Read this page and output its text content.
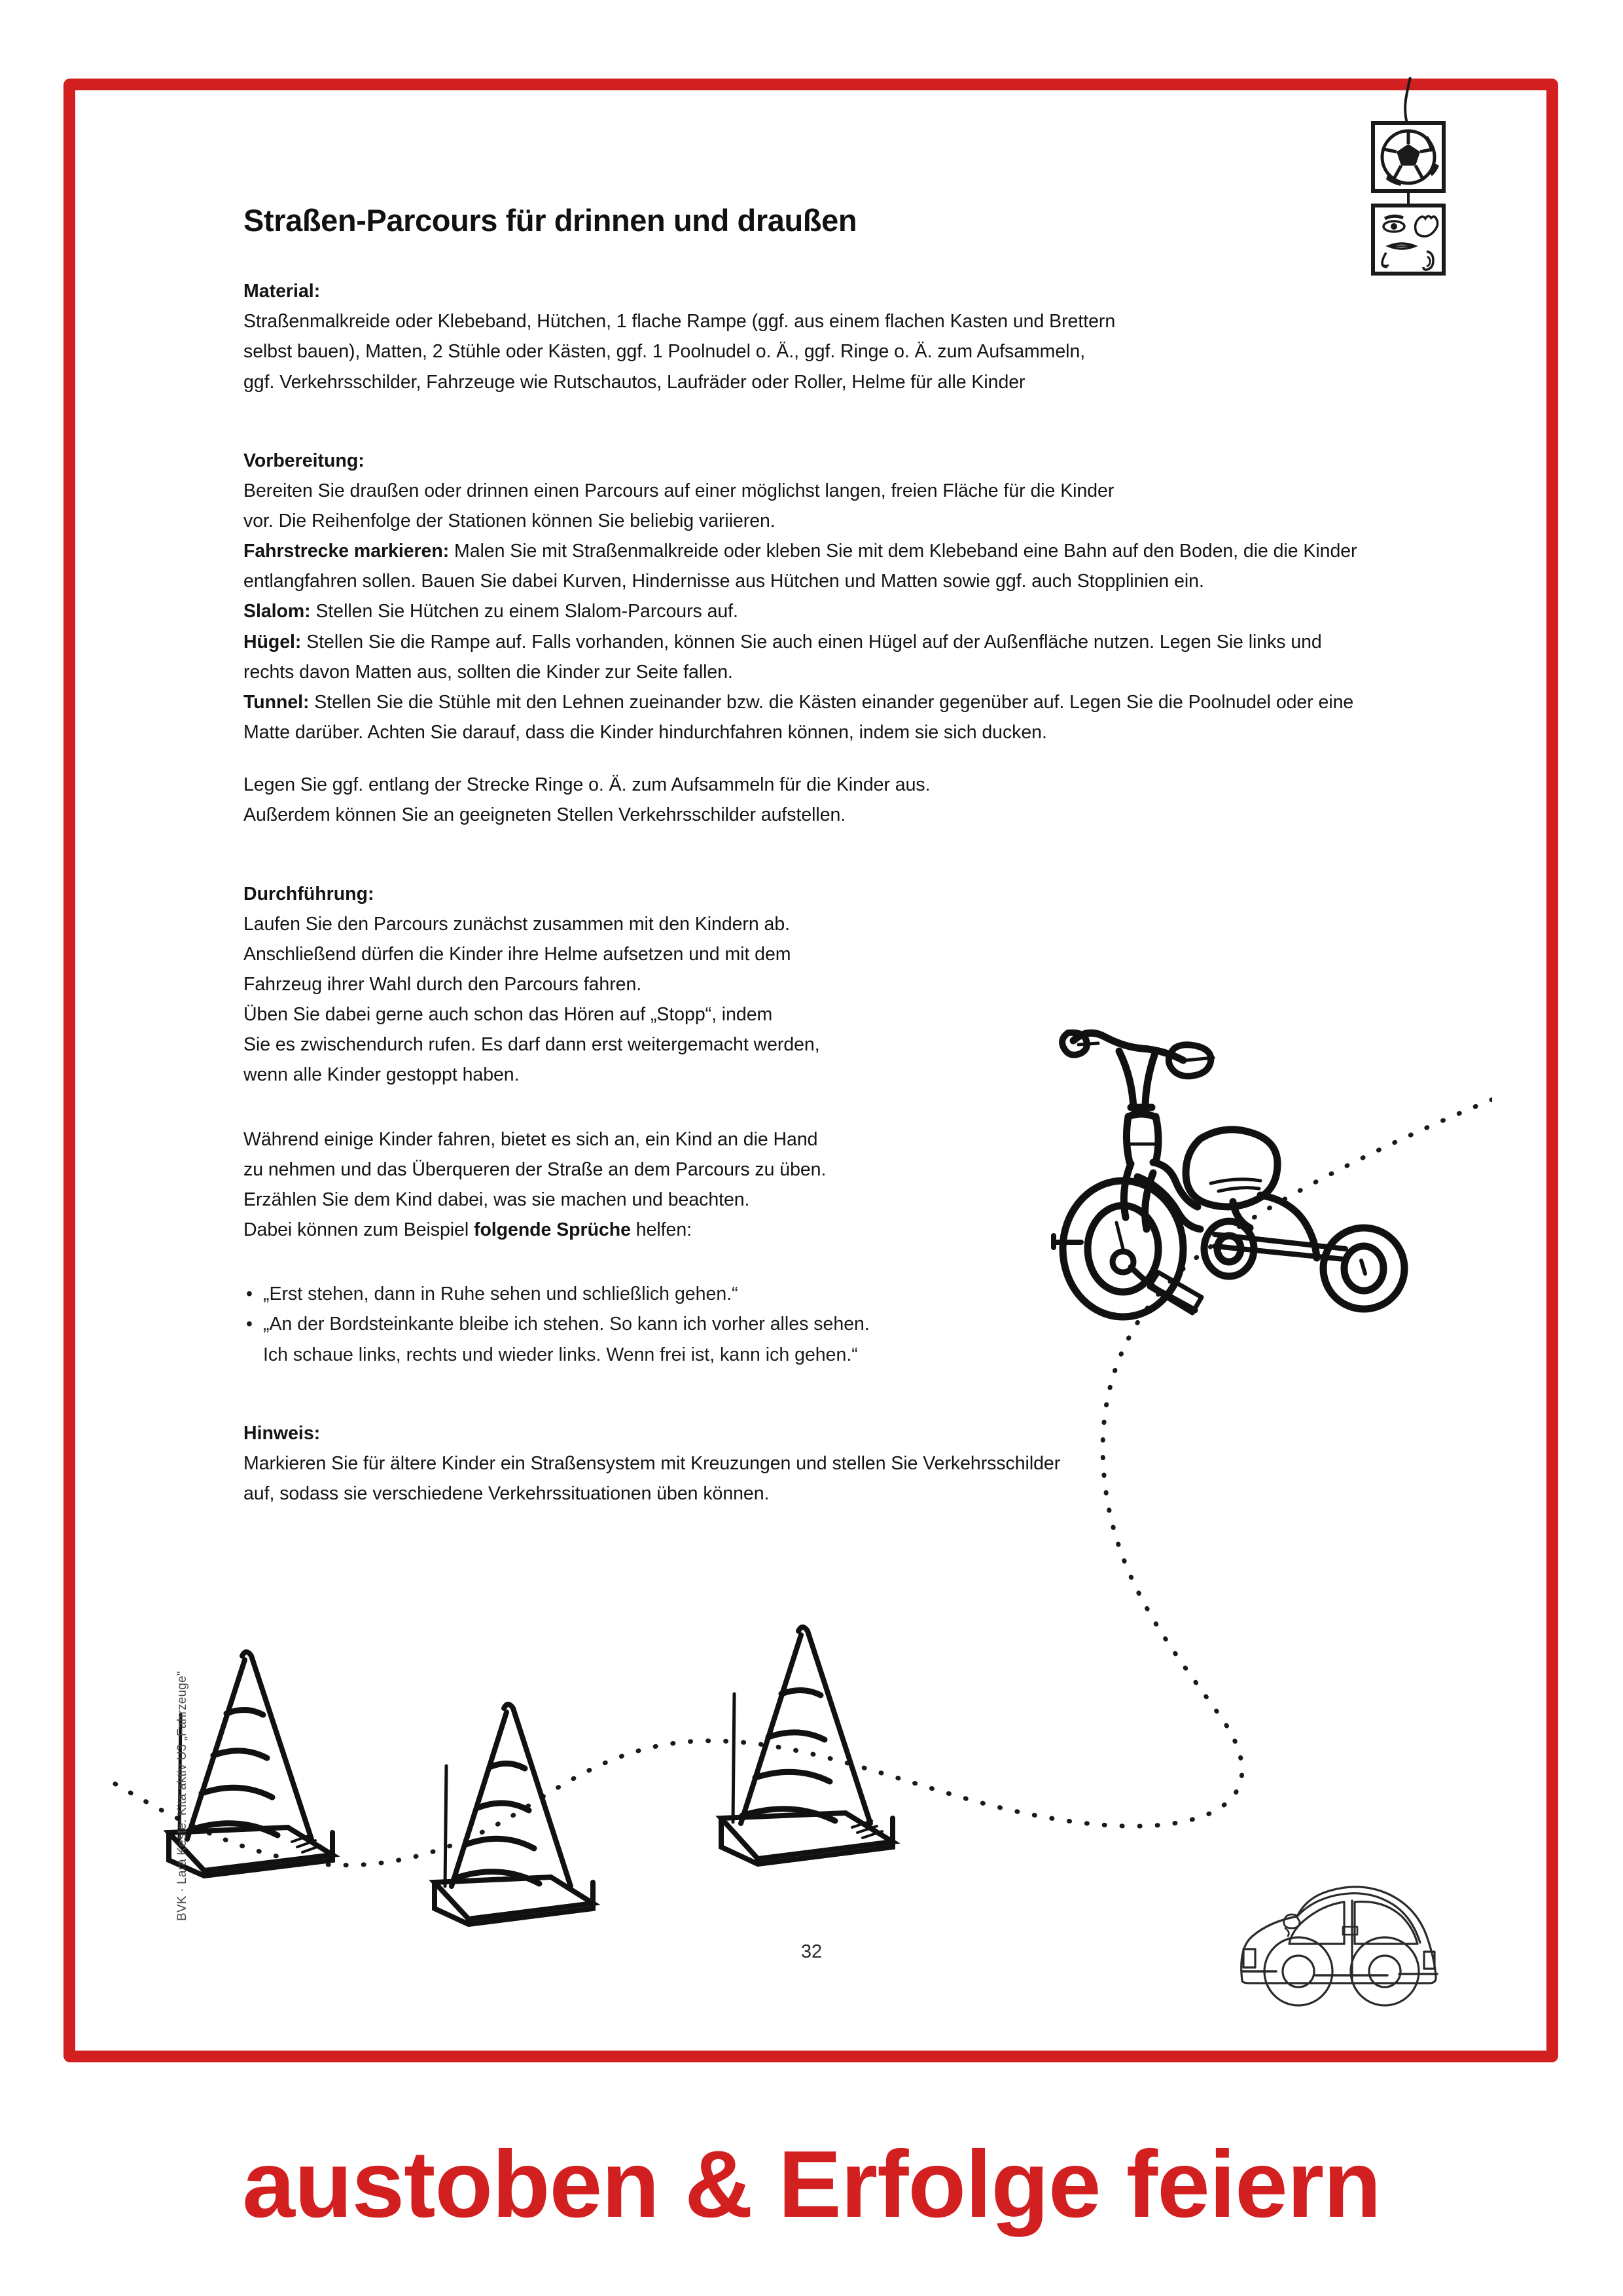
BVK · Lara Keste: Kita aktiv U3 „Fahrzeuge"
Straßen-Parcours für drinnen und draußen

Material:

Straßenmalkreide oder Klebeband, Hütchen, 1 flache Rampe (ggf. aus einem flachen Kasten und Brettern

selbst bauen), Matten, 2 Stühle oder Kästen, ggf. 1 Poolnudel o. Ä., ggf. Ringe o. Ä. zum Aufsammeln,

ggf. Verkehrsschilder, Fahrzeuge wie Rutschautos, Laufräder oder Roller, Helme für alle Kinder

Vorbereitung:

Bereiten Sie draußen oder drinnen einen Parcours auf einer möglichst langen, freien Fläche für die Kinder

vor. Die Reihenfolge der Stationen können Sie beliebig variieren.

Fahrstrecke markieren: Malen Sie mit Straßenmalkreide oder kleben Sie mit dem Klebeband eine Bahn auf den Boden, die die Kinder entlangfahren sollen. Bauen Sie dabei Kurven, Hindernisse aus Hütchen und Matten sowie ggf. auch Stopplinien ein.

Slalom: Stellen Sie Hütchen zu einem Slalom-Parcours auf.

Hügel: Stellen Sie die Rampe auf. Falls vorhanden, können Sie auch einen Hügel auf der Außenfläche nutzen. Legen Sie links und rechts davon Matten aus, sollten die Kinder zur Seite fallen.

Tunnel: Stellen Sie die Stühle mit den Lehnen zueinander bzw. die Kästen einander gegenüber auf. Legen Sie die Poolnudel oder eine Matte darüber. Achten Sie darauf, dass die Kinder hindurchfahren können, indem sie sich ducken.

Legen Sie ggf. entlang der Strecke Ringe o. Ä. zum Aufsammeln für die Kinder aus.

Außerdem können Sie an geeigneten Stellen Verkehrsschilder aufstellen.

Durchführung:

Laufen Sie den Parcours zunächst zusammen mit den Kindern ab.

Anschließend dürfen die Kinder ihre Helme aufsetzen und mit dem

Fahrzeug ihrer Wahl durch den Parcours fahren.

Üben Sie dabei gerne auch schon das Hören auf „Stopp“, indem

Sie es zwischendurch rufen. Es darf dann erst weitergemacht werden,

wenn alle Kinder gestoppt haben.

Während einige Kinder fahren, bietet es sich an, ein Kind an die Hand

zu nehmen und das Überqueren der Straße an dem Parcours zu üben.

Erzählen Sie dem Kind dabei, was sie machen und beachten.

Dabei können zum Beispiel folgende Sprüche helfen:

• „Erst stehen, dann in Ruhe sehen und schließlich gehen.“
• „An der Bordsteinkante bleibe ich stehen. So kann ich vorher alles sehen.
Ich schaue links, rechts und wieder links. Wenn frei ist, kann ich gehen.“

Hinweis:

Markieren Sie für ältere Kinder ein Straßensystem mit Kreuzungen und stellen Sie Verkehrsschilder

auf, sodass sie verschiedene Verkehrssituationen üben können.

32
austoben & Erfolge feiern
